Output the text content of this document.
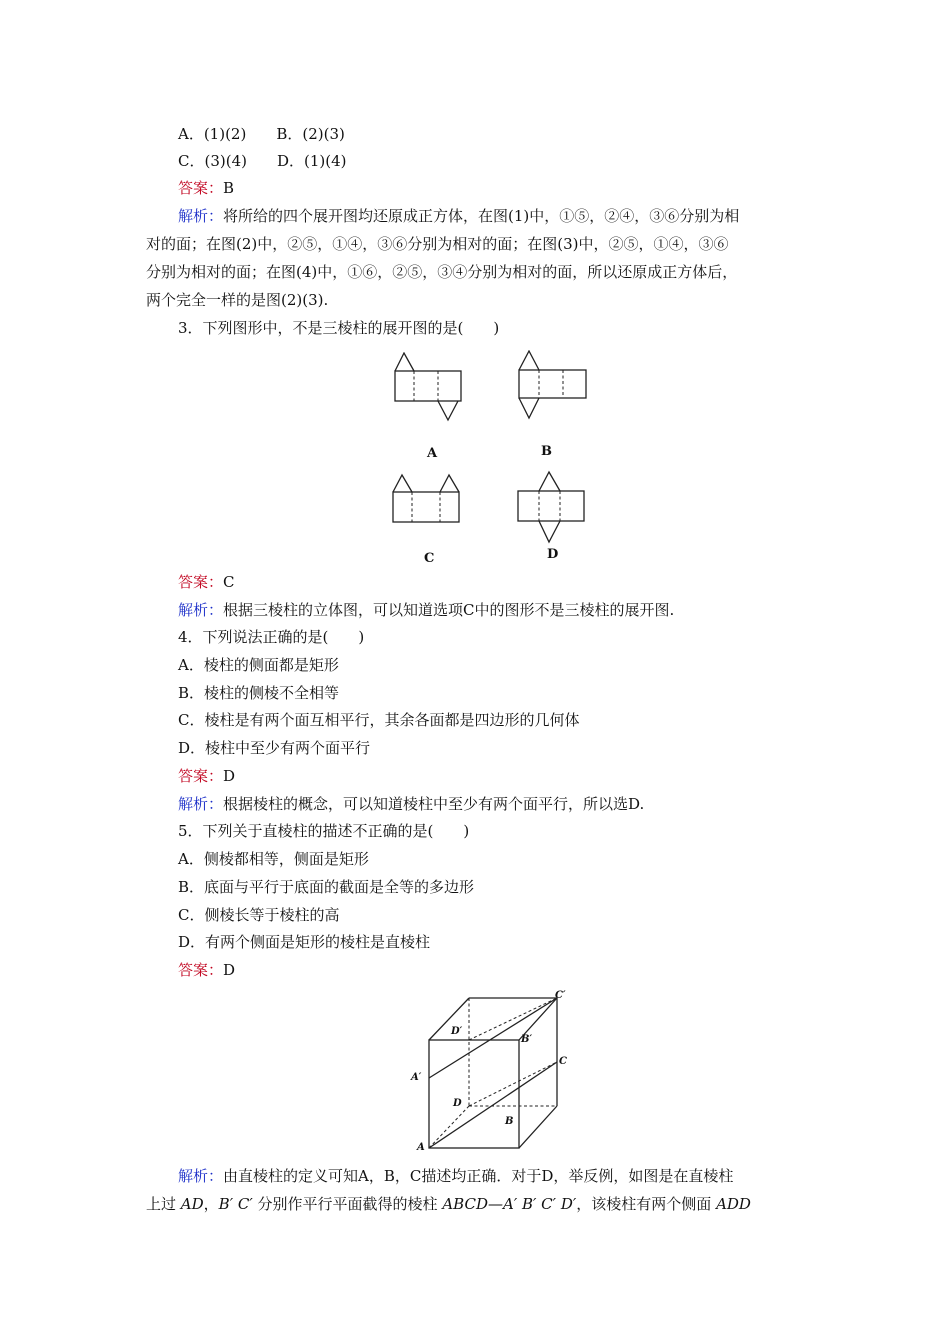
A．(1)(2)　　B．(2)(3)
C．(3)(4)　　D．(1)(4)
答案：B
解析：将所给的四个展开图均还原成正方体，在图(1)中，①⑤，②④，③⑥分别为相
对的面；在图(2)中，②⑤，①④，③⑥分别为相对的面；在图(3)中，②⑤，①④，③⑥
分别为相对的面；在图(4)中，①⑥，②⑤，③④分别为相对的面，所以还原成正方体后，
两个完全一样的是图(2)(3).
3．下列图形中，不是三棱柱的展开图的是(　　)
A	B
C	D
答案：C
解析：根据三棱柱的立体图，可以知道选项C中的图形不是三棱柱的展开图.
4．下列说法正确的是(　　)
A．棱柱的侧面都是矩形
B．棱柱的侧棱不全相等
C．棱柱是有两个面互相平行，其余各面都是四边形的几何体
D．棱柱中至少有两个面平行
答案：D
解析：根据棱柱的概念，可以知道棱柱中至少有两个面平行，所以选D.
5．下列关于直棱柱的描述不正确的是(　　)
A．侧棱都相等，侧面是矩形
B．底面与平行于底面的截面是全等的多边形
C．侧棱长等于棱柱的高
D．有两个侧面是矩形的棱柱是直棱柱
答案：D
C′
D′
B′
C
A′
D
B
A
解析：由直棱柱的定义可知A，B，C描述均正确．对于D，举反例，如图是在直棱柱
上过 AD，B′ C′ 分别作平行平面截得的棱柱 ABCD—A′ B′ C′ D′，该棱柱有两个侧面 ADD
